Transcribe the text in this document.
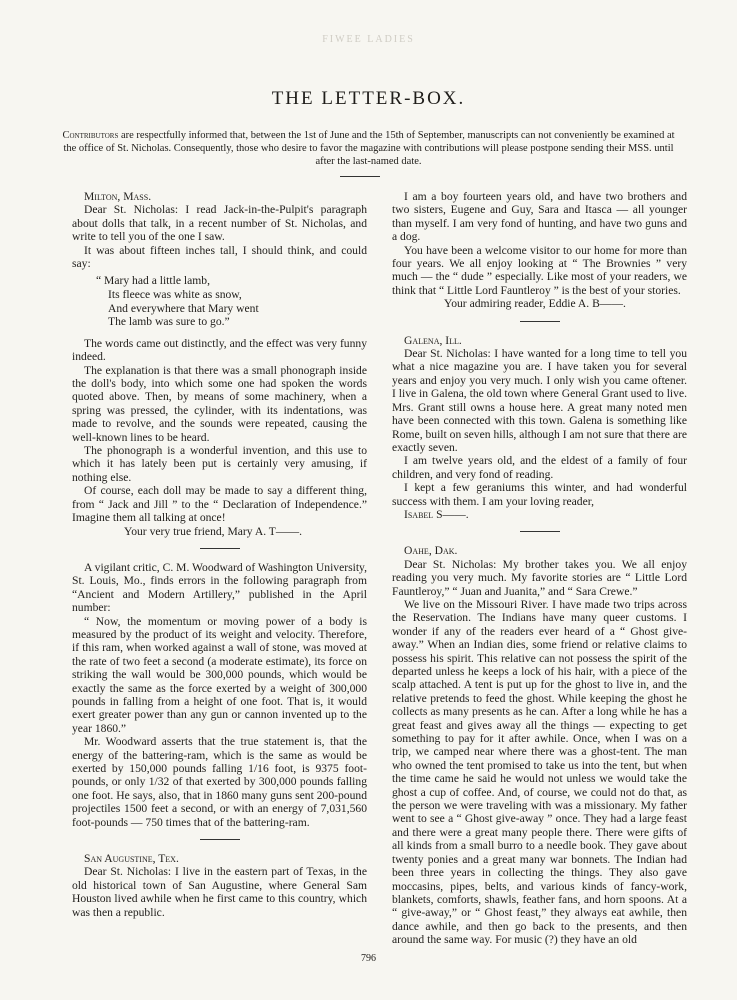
FIWEE LADIES
THE LETTER-BOX.
Contributors are respectfully informed that, between the 1st of June and the 15th of September, manuscripts can not conveniently be examined at the office of St. Nicholas. Consequently, those who desire to favor the magazine with contributions will please postpone sending their MSS. until after the last-named date.

Milton, Mass.

Dear St. Nicholas: I read Jack-in-the-Pulpit's paragraph about dolls that talk, in a recent number of St. Nicholas, and write to tell you of the one I saw.

It was about fifteen inches tall, I should think, and could say:

“ Mary had a little lamb,
Its fleece was white as snow,
And everywhere that Mary went
The lamb was sure to go.”

The words came out distinctly, and the effect was very funny indeed.

The explanation is that there was a small phonograph inside the doll's body, into which some one had spoken the words quoted above. Then, by means of some machinery, when a spring was pressed, the cylinder, with its indentations, was made to revolve, and the sounds were repeated, causing the well-known lines to be heard.

The phonograph is a wonderful invention, and this use to which it has lately been put is certainly very amusing, if nothing else.

Of course, each doll may be made to say a different thing, from “ Jack and Jill ” to the “ Declaration of Independence.” Imagine them all talking at once!

Your very true friend, Mary A. T——.

A vigilant critic, C. M. Woodward of Washington University, St. Louis, Mo., finds errors in the following paragraph from “Ancient and Modern Artillery,” published in the April number:

“ Now, the momentum or moving power of a body is measured by the product of its weight and velocity. Therefore, if this ram, when worked against a wall of stone, was moved at the rate of two feet a second (a moderate estimate), its force on striking the wall would be 300,000 pounds, which would be exactly the same as the force exerted by a weight of 300,000 pounds in falling from a height of one foot. That is, it would exert greater power than any gun or cannon invented up to the year 1860.”

Mr. Woodward asserts that the true statement is, that the energy of the battering-ram, which is the same as would be exerted by 150,000 pounds falling 1/16 foot, is 9375 foot-pounds, or only 1/32 of that exerted by 300,000 pounds falling one foot. He says, also, that in 1860 many guns sent 200-pound projectiles 1500 feet a second, or with an energy of 7,031,560 foot-pounds — 750 times that of the battering-ram.

San Augustine, Tex.

Dear St. Nicholas: I live in the eastern part of Texas, in the old historical town of San Augustine, where General Sam Houston lived awhile when he first came to this country, which was then a republic.

I am a boy fourteen years old, and have two brothers and two sisters, Eugene and Guy, Sara and Itasca — all younger than myself. I am very fond of hunting, and have two guns and a dog.

You have been a welcome visitor to our home for more than four years. We all enjoy looking at “ The Brownies ” very much — the “ dude ” especially. Like most of your readers, we think that “ Little Lord Fauntleroy ” is the best of your stories.

Your admiring reader, Eddie A. B——.

Galena, Ill.

Dear St. Nicholas: I have wanted for a long time to tell you what a nice magazine you are. I have taken you for several years and enjoy you very much. I only wish you came oftener. I live in Galena, the old town where General Grant used to live. Mrs. Grant still owns a house here. A great many noted men have been connected with this town. Galena is something like Rome, built on seven hills, although I am not sure that there are exactly seven.

I am twelve years old, and the eldest of a family of four children, and very fond of reading.

I kept a few geraniums this winter, and had wonderful success with them. I am your loving reader,

Isabel S——.

Oahe, Dak.

Dear St. Nicholas: My brother takes you. We all enjoy reading you very much. My favorite stories are “ Little Lord Fauntleroy,” “ Juan and Juanita,” and “ Sara Crewe.”

We live on the Missouri River. I have made two trips across the Reservation. The Indians have many queer customs. I wonder if any of the readers ever heard of a “ Ghost give-away.” When an Indian dies, some friend or relative claims to possess his spirit. This relative can not possess the spirit of the departed unless he keeps a lock of his hair, with a piece of the scalp attached. A tent is put up for the ghost to live in, and the relative pretends to feed the ghost. While keeping the ghost he collects as many presents as he can. After a long while he has a great feast and gives away all the things — expecting to get something to pay for it after awhile. Once, when I was on a trip, we camped near where there was a ghost-tent. The man who owned the tent promised to take us into the tent, but when the time came he said he would not unless we would take the ghost a cup of coffee. And, of course, we could not do that, as the person we were traveling with was a missionary. My father went to see a “ Ghost give-away ” once. They had a large feast and there were a great many people there. There were gifts of all kinds from a small burro to a needle book. They gave about twenty ponies and a great many war bonnets. The Indian had been three years in collecting the things. They also gave moccasins, pipes, belts, and various kinds of fancy-work, blankets, comforts, shawls, feather fans, and horn spoons. At a “ give-away,” or “ Ghost feast,” they always eat awhile, then dance awhile, and then go back to the presents, and then around the same way. For music (?) they have an old

796
